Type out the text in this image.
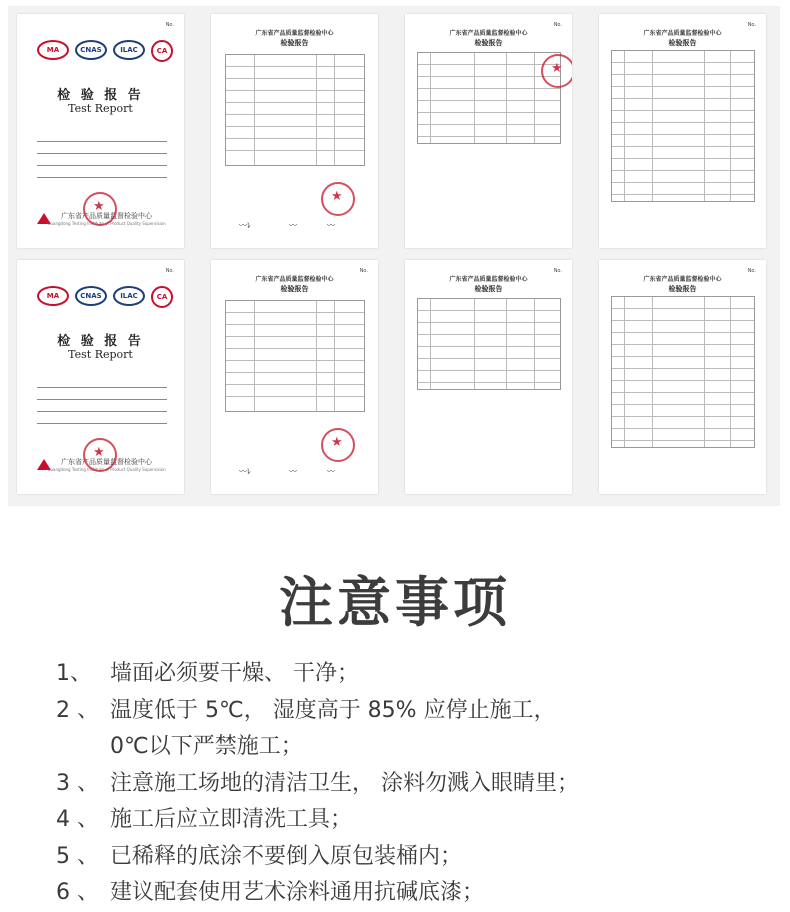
No.
MA	CNAS	ILAC	CA
检 验 报 告
Test Report
广东省产品质量监督检验中心
Guangdong Testing Institute of Product Quality Supervision
★
广东省产品质量监督检验中心
检验报告
★
〰ﾚ	〰	〰
No.
广东省产品质量监督检验中心
检验报告
★
No.
广东省产品质量监督检验中心
检验报告
No.
MA	CNAS	ILAC	CA
检 验 报 告
Test Report
广东省产品质量监督检验中心
Guangdong Testing Institute of Product Quality Supervision
★
No.
广东省产品质量监督检验中心
检验报告
★
〰ﾚ	〰	〰
No.
广东省产品质量监督检验中心
检验报告
No.
广东省产品质量监督检验中心
检验报告
注意事项
1、 墙面必须要干燥、 干净；
2 、 温度低于 5℃， 湿度高于 85% 应停止施工，
0℃以下严禁施工；
3 、 注意施工场地的清洁卫生， 涂料勿溅入眼睛里；
4 、 施工后应立即清洗工具；
5 、 已稀释的底涂不要倒入原包装桶内；
6 、 建议配套使用艺术涂料通用抗碱底漆；
